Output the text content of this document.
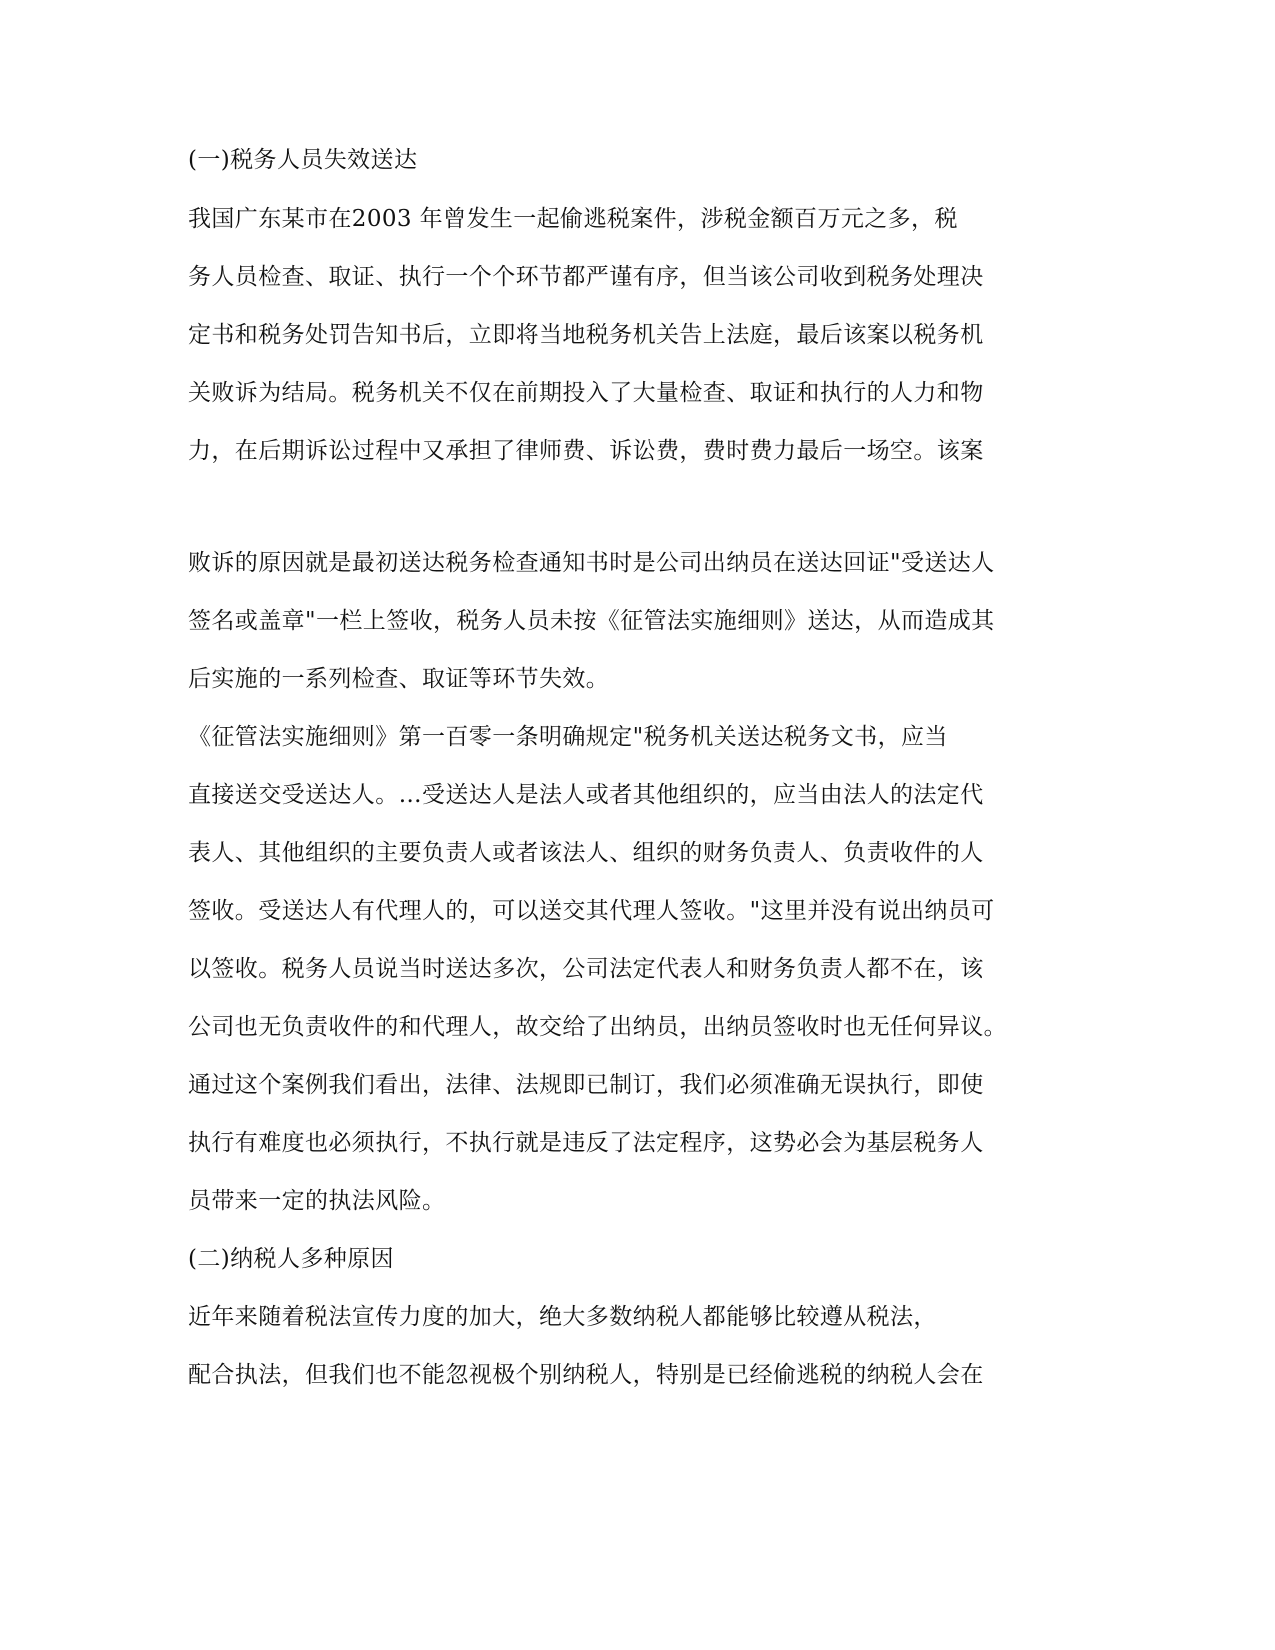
(一)税务人员失效送达
我国广东某市在2003 年曾发生一起偷逃税案件，涉税金额百万元之多，税
务人员检查、取证、执行一个个环节都严谨有序，但当该公司收到税务处理决
定书和税务处罚告知书后，立即将当地税务机关告上法庭，最后该案以税务机
关败诉为结局。税务机关不仅在前期投入了大量检查、取证和执行的人力和物
力，在后期诉讼过程中又承担了律师费、诉讼费，费时费力最后一场空。该案
败诉的原因就是最初送达税务检查通知书时是公司出纳员在送达回证"受送达人
签名或盖章"一栏上签收，税务人员未按《征管法实施细则》送达，从而造成其
后实施的一系列检查、取证等环节失效。
《征管法实施细则》第一百零一条明确规定"税务机关送达税务文书，应当
直接送交受送达人。…受送达人是法人或者其他组织的，应当由法人的法定代
表人、其他组织的主要负责人或者该法人、组织的财务负责人、负责收件的人
签收。受送达人有代理人的，可以送交其代理人签收。"这里并没有说出纳员可
以签收。税务人员说当时送达多次，公司法定代表人和财务负责人都不在，该
公司也无负责收件的和代理人，故交给了出纳员，出纳员签收时也无任何异议。
通过这个案例我们看出，法律、法规即已制订，我们必须准确无误执行，即使
执行有难度也必须执行，不执行就是违反了法定程序，这势必会为基层税务人
员带来一定的执法风险。
(二)纳税人多种原因
近年来随着税法宣传力度的加大，绝大多数纳税人都能够比较遵从税法，
配合执法，但我们也不能忽视极个别纳税人，特别是已经偷逃税的纳税人会在
